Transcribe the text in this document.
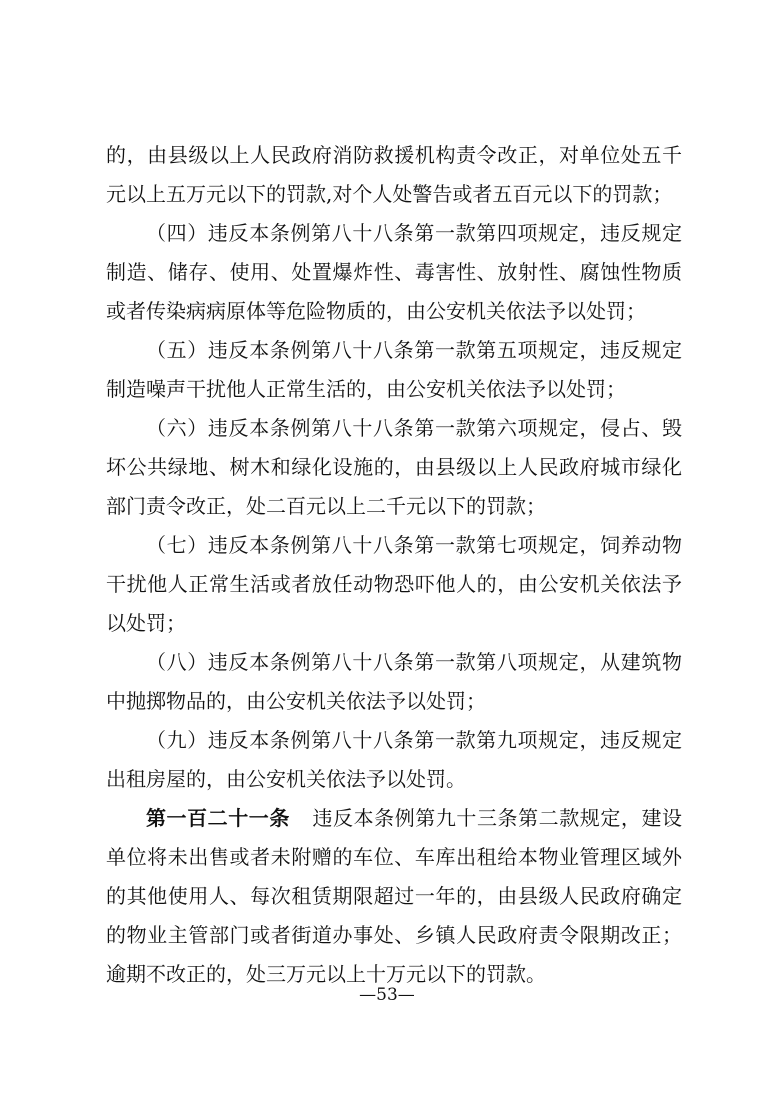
的，由县级以上人民政府消防救援机构责令改正，对单位处五千
元以上五万元以下的罚款,对个人处警告或者五百元以下的罚款；
（四）违反本条例第八十八条第一款第四项规定，违反规定
制造、储存、使用、处置爆炸性、毒害性、放射性、腐蚀性物质
或者传染病病原体等危险物质的，由公安机关依法予以处罚；
（五）违反本条例第八十八条第一款第五项规定，违反规定
制造噪声干扰他人正常生活的，由公安机关依法予以处罚；
（六）违反本条例第八十八条第一款第六项规定，侵占、毁
坏公共绿地、树木和绿化设施的，由县级以上人民政府城市绿化
部门责令改正，处二百元以上二千元以下的罚款；
（七）违反本条例第八十八条第一款第七项规定，饲养动物
干扰他人正常生活或者放任动物恐吓他人的，由公安机关依法予
以处罚；
（八）违反本条例第八十八条第一款第八项规定，从建筑物
中抛掷物品的，由公安机关依法予以处罚；
（九）违反本条例第八十八条第一款第九项规定，违反规定
出租房屋的，由公安机关依法予以处罚。
第一百二十一条 违反本条例第九十三条第二款规定，建设
单位将未出售或者未附赠的车位、车库出租给本物业管理区域外
的其他使用人、每次租赁期限超过一年的，由县级人民政府确定
的物业主管部门或者街道办事处、乡镇人民政府责令限期改正；
逾期不改正的，处三万元以上十万元以下的罚款。
—53—
